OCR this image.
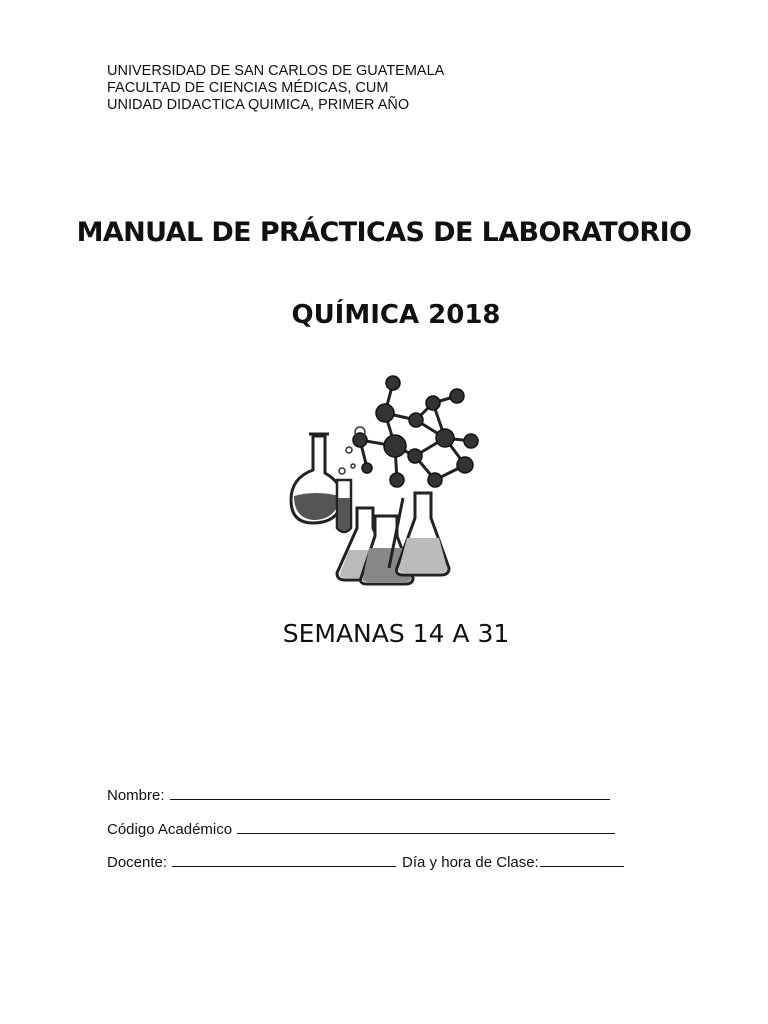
UNIVERSIDAD DE SAN CARLOS DE GUATEMALA
FACULTAD DE CIENCIAS MÉDICAS, CUM
UNIDAD DIDACTICA QUIMICA, PRIMER AÑO
MANUAL DE PRÁCTICAS DE LABORATORIO
QUÍMICA 2018
SEMANAS 14 A 31
Nombre:
Código Académico
Docente:	Día y hora de Clase:
